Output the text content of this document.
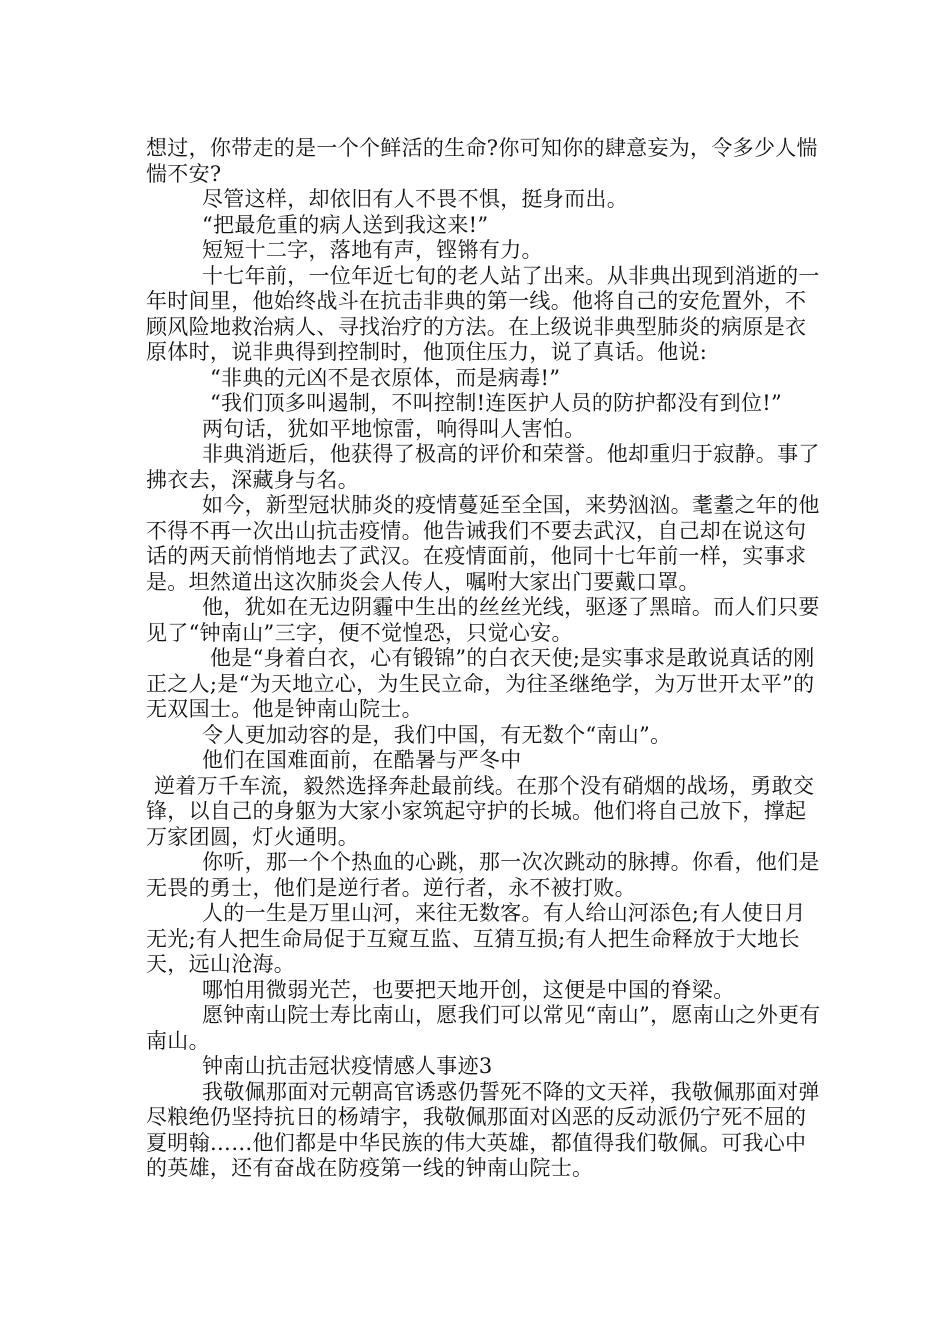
想过，你带走的是一个个鲜活的生命?你可知你的肆意妄为，令多少人惴惴不安?

尽管这样，却依旧有人不畏不惧，挺身而出。

“把最危重的病人送到我这来!”

短短十二字，落地有声，铿锵有力。

十七年前，一位年近七旬的老人站了出来。从非典出现到消逝的一年时间里，他始终战斗在抗击非典的第一线。他将自己的安危置外，不顾风险地救治病人、寻找治疗的方法。在上级说非典型肺炎的病原是衣原体时，说非典得到控制时，他顶住压力，说了真话。他说:

“非典的元凶不是衣原体，而是病毒!”

“我们顶多叫遏制，不叫控制!连医护人员的防护都没有到位!”

两句话，犹如平地惊雷，响得叫人害怕。

非典消逝后，他获得了极高的评价和荣誉。他却重归于寂静。事了拂衣去，深藏身与名。

如今，新型冠状肺炎的疫情蔓延至全国，来势汹汹。耄耋之年的他不得不再一次出山抗击疫情。他告诫我们不要去武汉，自己却在说这句话的两天前悄悄地去了武汉。在疫情面前，他同十七年前一样，实事求是。坦然道出这次肺炎会人传人，嘱咐大家出门要戴口罩。

他，犹如在无边阴霾中生出的丝丝光线，驱逐了黑暗。而人们只要见了“钟南山”三字，便不觉惶恐，只觉心安。

他是“身着白衣，心有锻锦”的白衣天使;是实事求是敢说真话的刚正之人;是“为天地立心，为生民立命，为往圣继绝学，为万世开太平”的无双国士。他是钟南山院士。

令人更加动容的是，我们中国，有无数个“南山”。

他们在国难面前，在酷暑与严冬中

逆着万千车流，毅然选择奔赴最前线。在那个没有硝烟的战场，勇敢交锋，以自己的身躯为大家小家筑起守护的长城。他们将自己放下，撑起万家团圆，灯火通明。

你听，那一个个热血的心跳，那一次次跳动的脉搏。你看，他们是无畏的勇士，他们是逆行者。逆行者，永不被打败。

人的一生是万里山河，来往无数客。有人给山河添色;有人使日月无光;有人把生命局促于互窥互监、互猜互损;有人把生命释放于大地长天，远山沧海。

哪怕用微弱光芒，也要把天地开创，这便是中国的脊梁。

愿钟南山院士寿比南山，愿我们可以常见“南山”，愿南山之外更有南山。

钟南山抗击冠状疫情感人事迹3

我敬佩那面对元朝高官诱惑仍誓死不降的文天祥，我敬佩那面对弹尽粮绝仍坚持抗日的杨靖宇，我敬佩那面对凶恶的反动派仍宁死不屈的夏明翰……他们都是中华民族的伟大英雄，都值得我们敬佩。可我心中的英雄，还有奋战在防疫第一线的钟南山院士。
